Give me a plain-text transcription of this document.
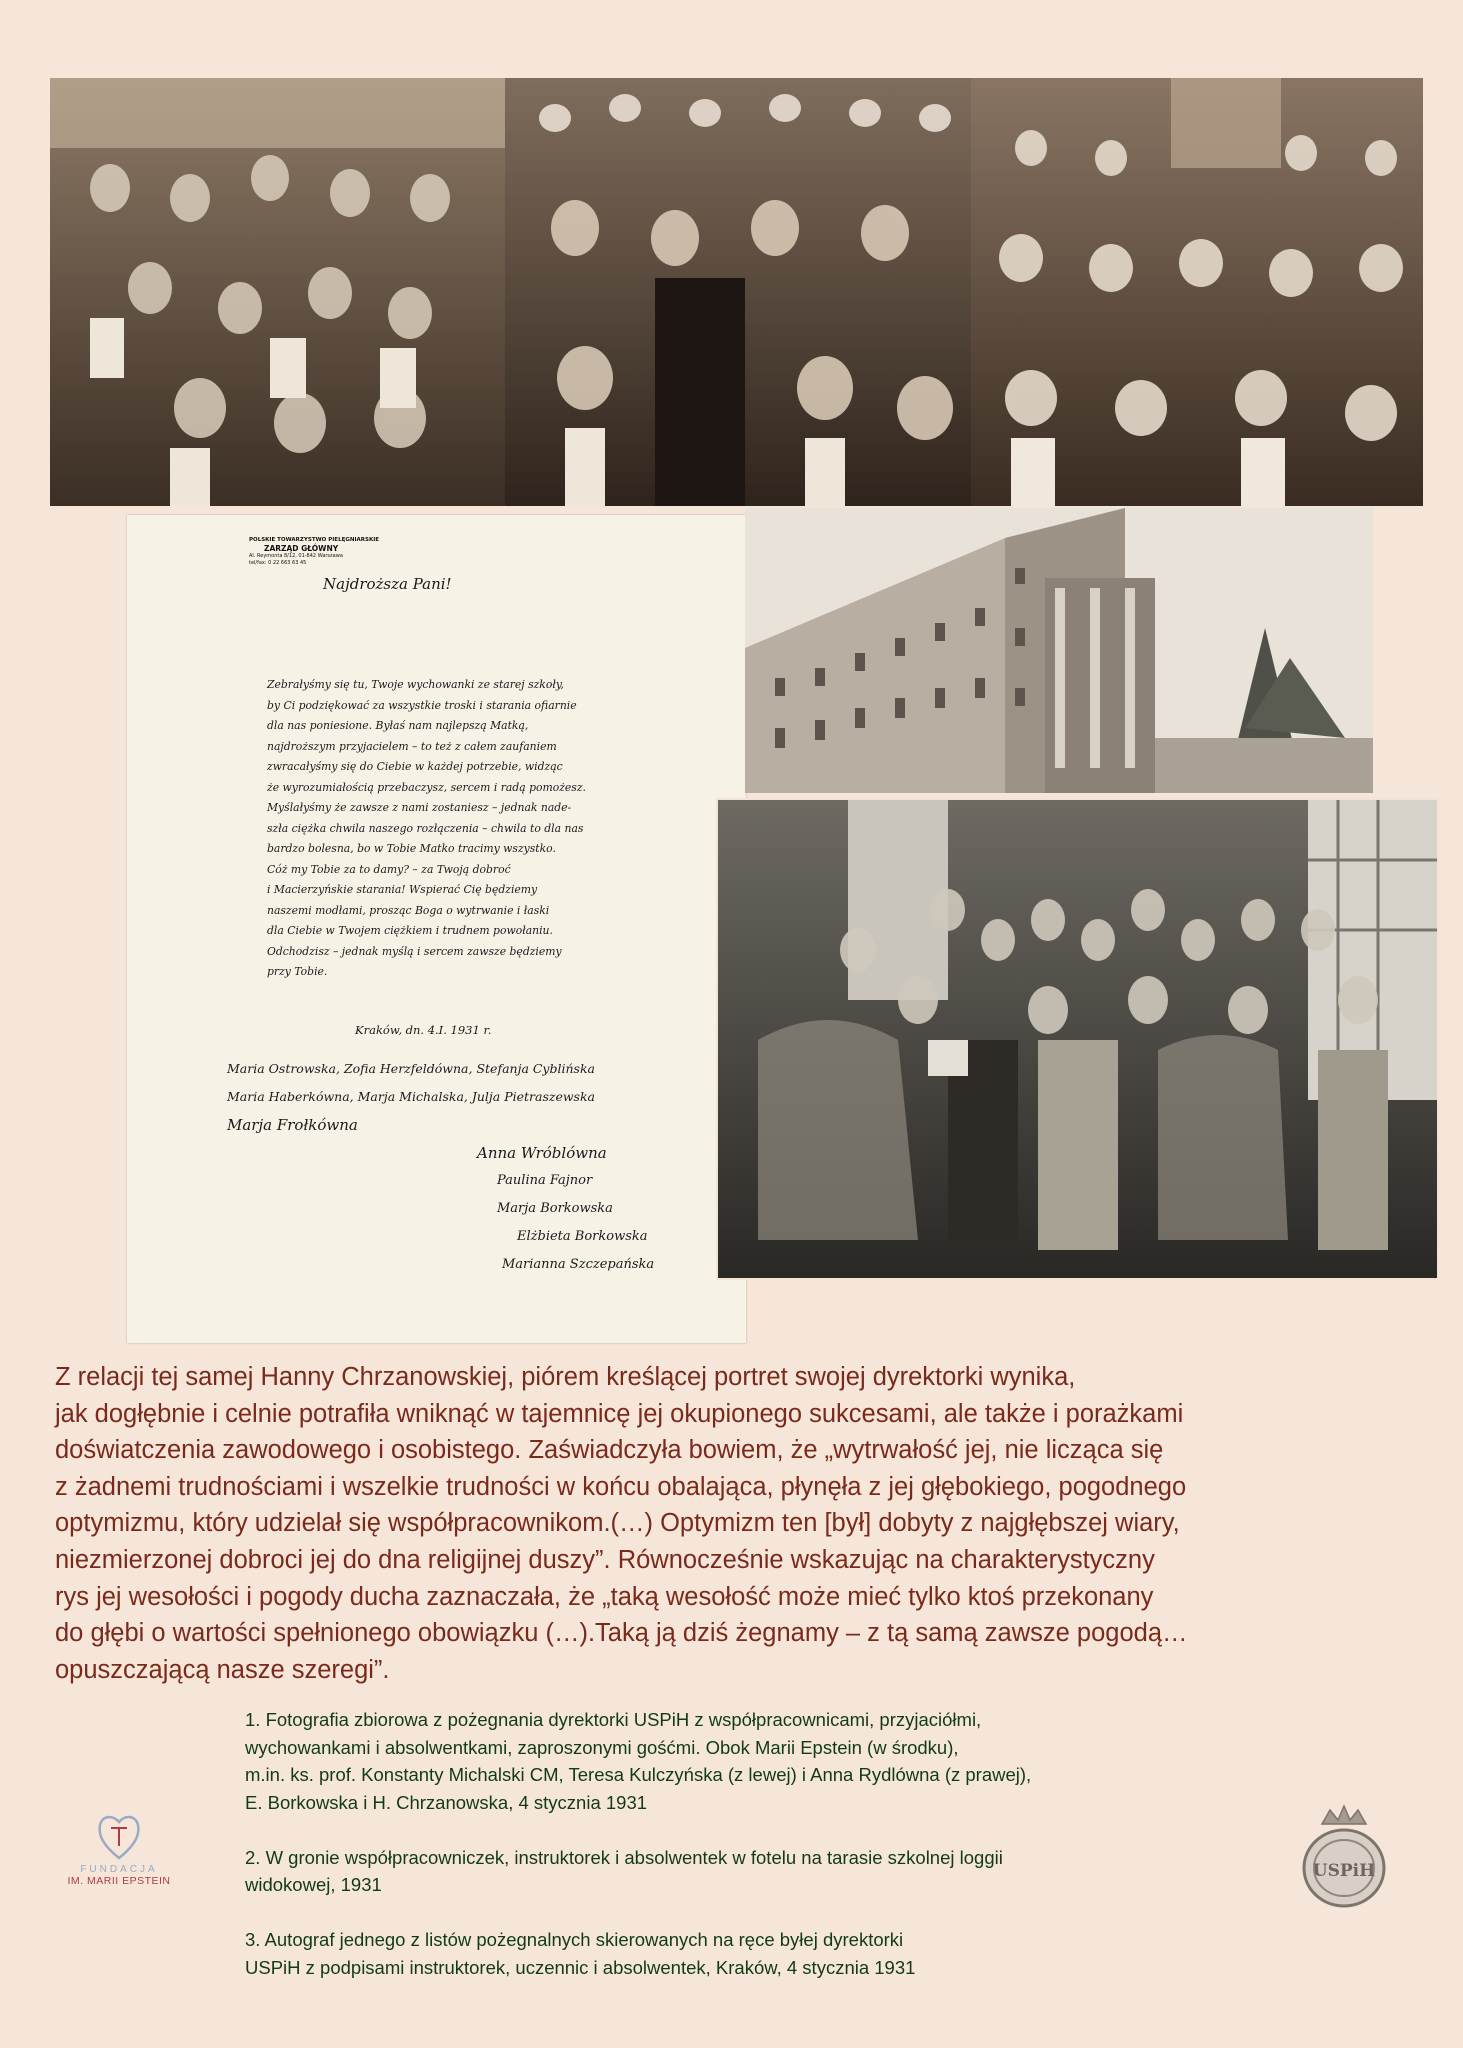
POLSKIE TOWARZYSTWO PIELĘGNIARSKIE
ZARZĄD GŁÓWNY
Al. Reymonta 8/12, 01-842 Warszawa
tel/fax: 0 22 663 63 45
Najdroższa Pani!
Zebrałyśmy się tu, Twoje wychowanki ze starej szkoły,
by Ci podziękować za wszystkie troski i starania ofiarnie
dla nas poniesione. Byłaś nam najlepszą Matką,
najdroższym przyjacielem – to też z całem zaufaniem
zwracałyśmy się do Ciebie w każdej potrzebie, widząc
że wyrozumiałością przebaczysz, sercem i radą pomożesz.
Myślałyśmy że zawsze z nami zostaniesz – jednak nade-
szła ciężka chwila naszego rozłączenia – chwila to dla nas
bardzo bolesna, bo w Tobie Matko tracimy wszystko.
Cóż my Tobie za to damy? – za Twoją dobroć
i Macierzyńskie starania! Wspierać Cię będziemy
naszemi modłami, prosząc Boga o wytrwanie i łaski
dla Ciebie w Twojem ciężkiem i trudnem powołaniu.
Odchodzisz – jednak myślą i sercem zawsze będziemy
przy Tobie.
Kraków, dn. 4.I. 1931 r.
Maria Ostrowska, Zofia Herzfeldówna, Stefanja Cyblińska
Maria Haberkówna, Marja Michalska, Julja Pietraszewska
Marja Frołkówna
Anna Wróblówna
Paulina Fajnor
Marja Borkowska
Elżbieta Borkowska
Marianna Szczepańska
Z relacji tej samej Hanny Chrzanowskiej, piórem kreślącej portret swojej dyrektorki wynika,
jak dogłębnie i celnie potrafiła wniknąć w tajemnicę jej okupionego sukcesami, ale także i porażkami
doświatczenia zawodowego i osobistego. Zaświadczyła bowiem, że „wytrwałość jej, nie licząca się
z żadnemi trudnościami i wszelkie trudności w końcu obalająca, płynęła z jej głębokiego, pogodnego
optymizmu, który udzielał się współpracownikom.(…) Optymizm ten [był] dobyty z najgłębszej wiary,
niezmierzonej dobroci jej do dna religijnej duszy”. Równocześnie wskazując na charakterystyczny
rys jej wesołości i pogody ducha zaznaczała, że „taką wesołość może mieć tylko ktoś przekonany
do głębi o wartości spełnionego obowiązku (…).Taką ją dziś żegnamy – z tą samą zawsze pogodą…
opuszczającą nasze szeregi”.
1. Fotografia zbiorowa z pożegnania dyrektorki USPiH z współpracownicami, przyjaciółmi,
wychowankami i absolwentkami, zaproszonymi gośćmi. Obok Marii Epstein (w środku),
m.in. ks. prof. Konstanty Michalski CM, Teresa Kulczyńska (z lewej) i Anna Rydlówna (z prawej),
E. Borkowska i H. Chrzanowska, 4 stycznia 1931
2. W gronie współpracowniczek, instruktorek i absolwentek w fotelu na tarasie szkolnej loggii
widokowej, 1931
3. Autograf jednego z listów pożegnalnych skierowanych na ręce byłej dyrektorki
USPiH z podpisami instruktorek, uczennic i absolwentek, Kraków, 4 stycznia 1931
FUNDACJA
IM. MARII EPSTEIN	USPiH
